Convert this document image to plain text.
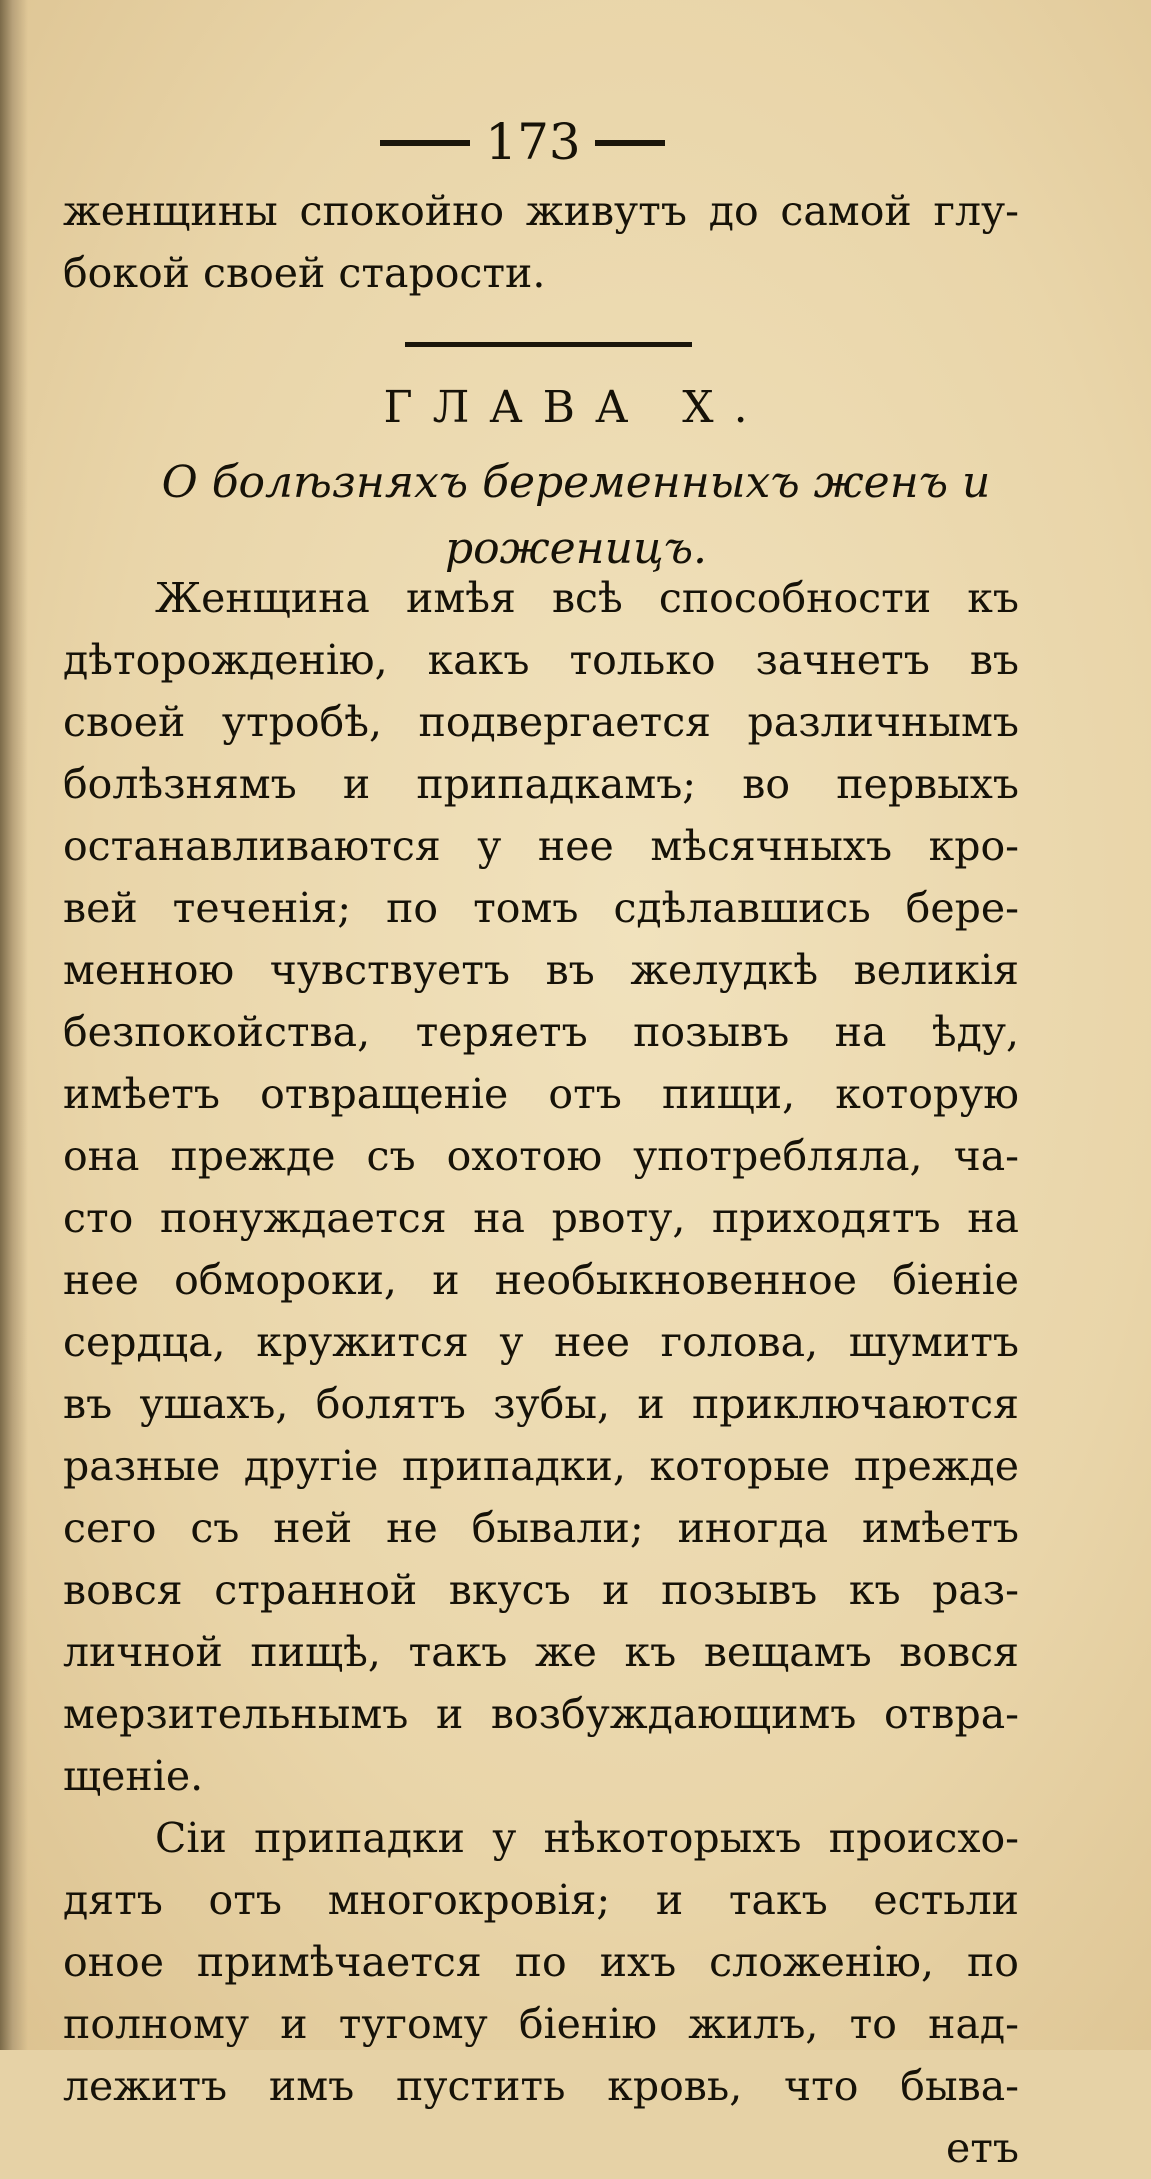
173
женщины спокойно живутъ до самой глу-
бокой своей старости.
ГЛАВА Х.
О болѣзняхъ беременныхъ женъ и
роженицъ.
Женщина имѣя всѣ способности къ
дѣторожденію, какъ только зачнетъ въ
своей утробѣ, подвергается различнымъ
болѣзнямъ и припадкамъ; во первыхъ
останавливаются у нее мѣсячныхъ кро-
вей теченія; по томъ сдѣлавшись бере-
менною чувствуетъ въ желудкѣ великія
безпокойства, теряетъ позывъ на ѣду,
имѣетъ отвращеніе отъ пищи, которую
она прежде съ охотою употребляла, ча-
сто понуждается на рвоту, приходятъ на
нее обмороки, и необыкновенное біеніе
сердца, кружится у нее голова, шумитъ
въ ушахъ, болятъ зубы, и приключаются
разные другіе припадки, которые прежде
сего съ ней не бывали; иногда имѣетъ
вовся странной вкусъ и позывъ къ раз-
личной пищѣ, такъ же къ вещамъ вовся
мерзительнымъ и возбуждающимъ отвра-
щеніе.
Сіи припадки у нѣкоторыхъ происхо-
дятъ отъ многокровія; и такъ естьли
оное примѣчается по ихъ сложенію, по
полному и тугому біенію жилъ, то над-
лежитъ имъ пустить кровь, что быва-
етъ
